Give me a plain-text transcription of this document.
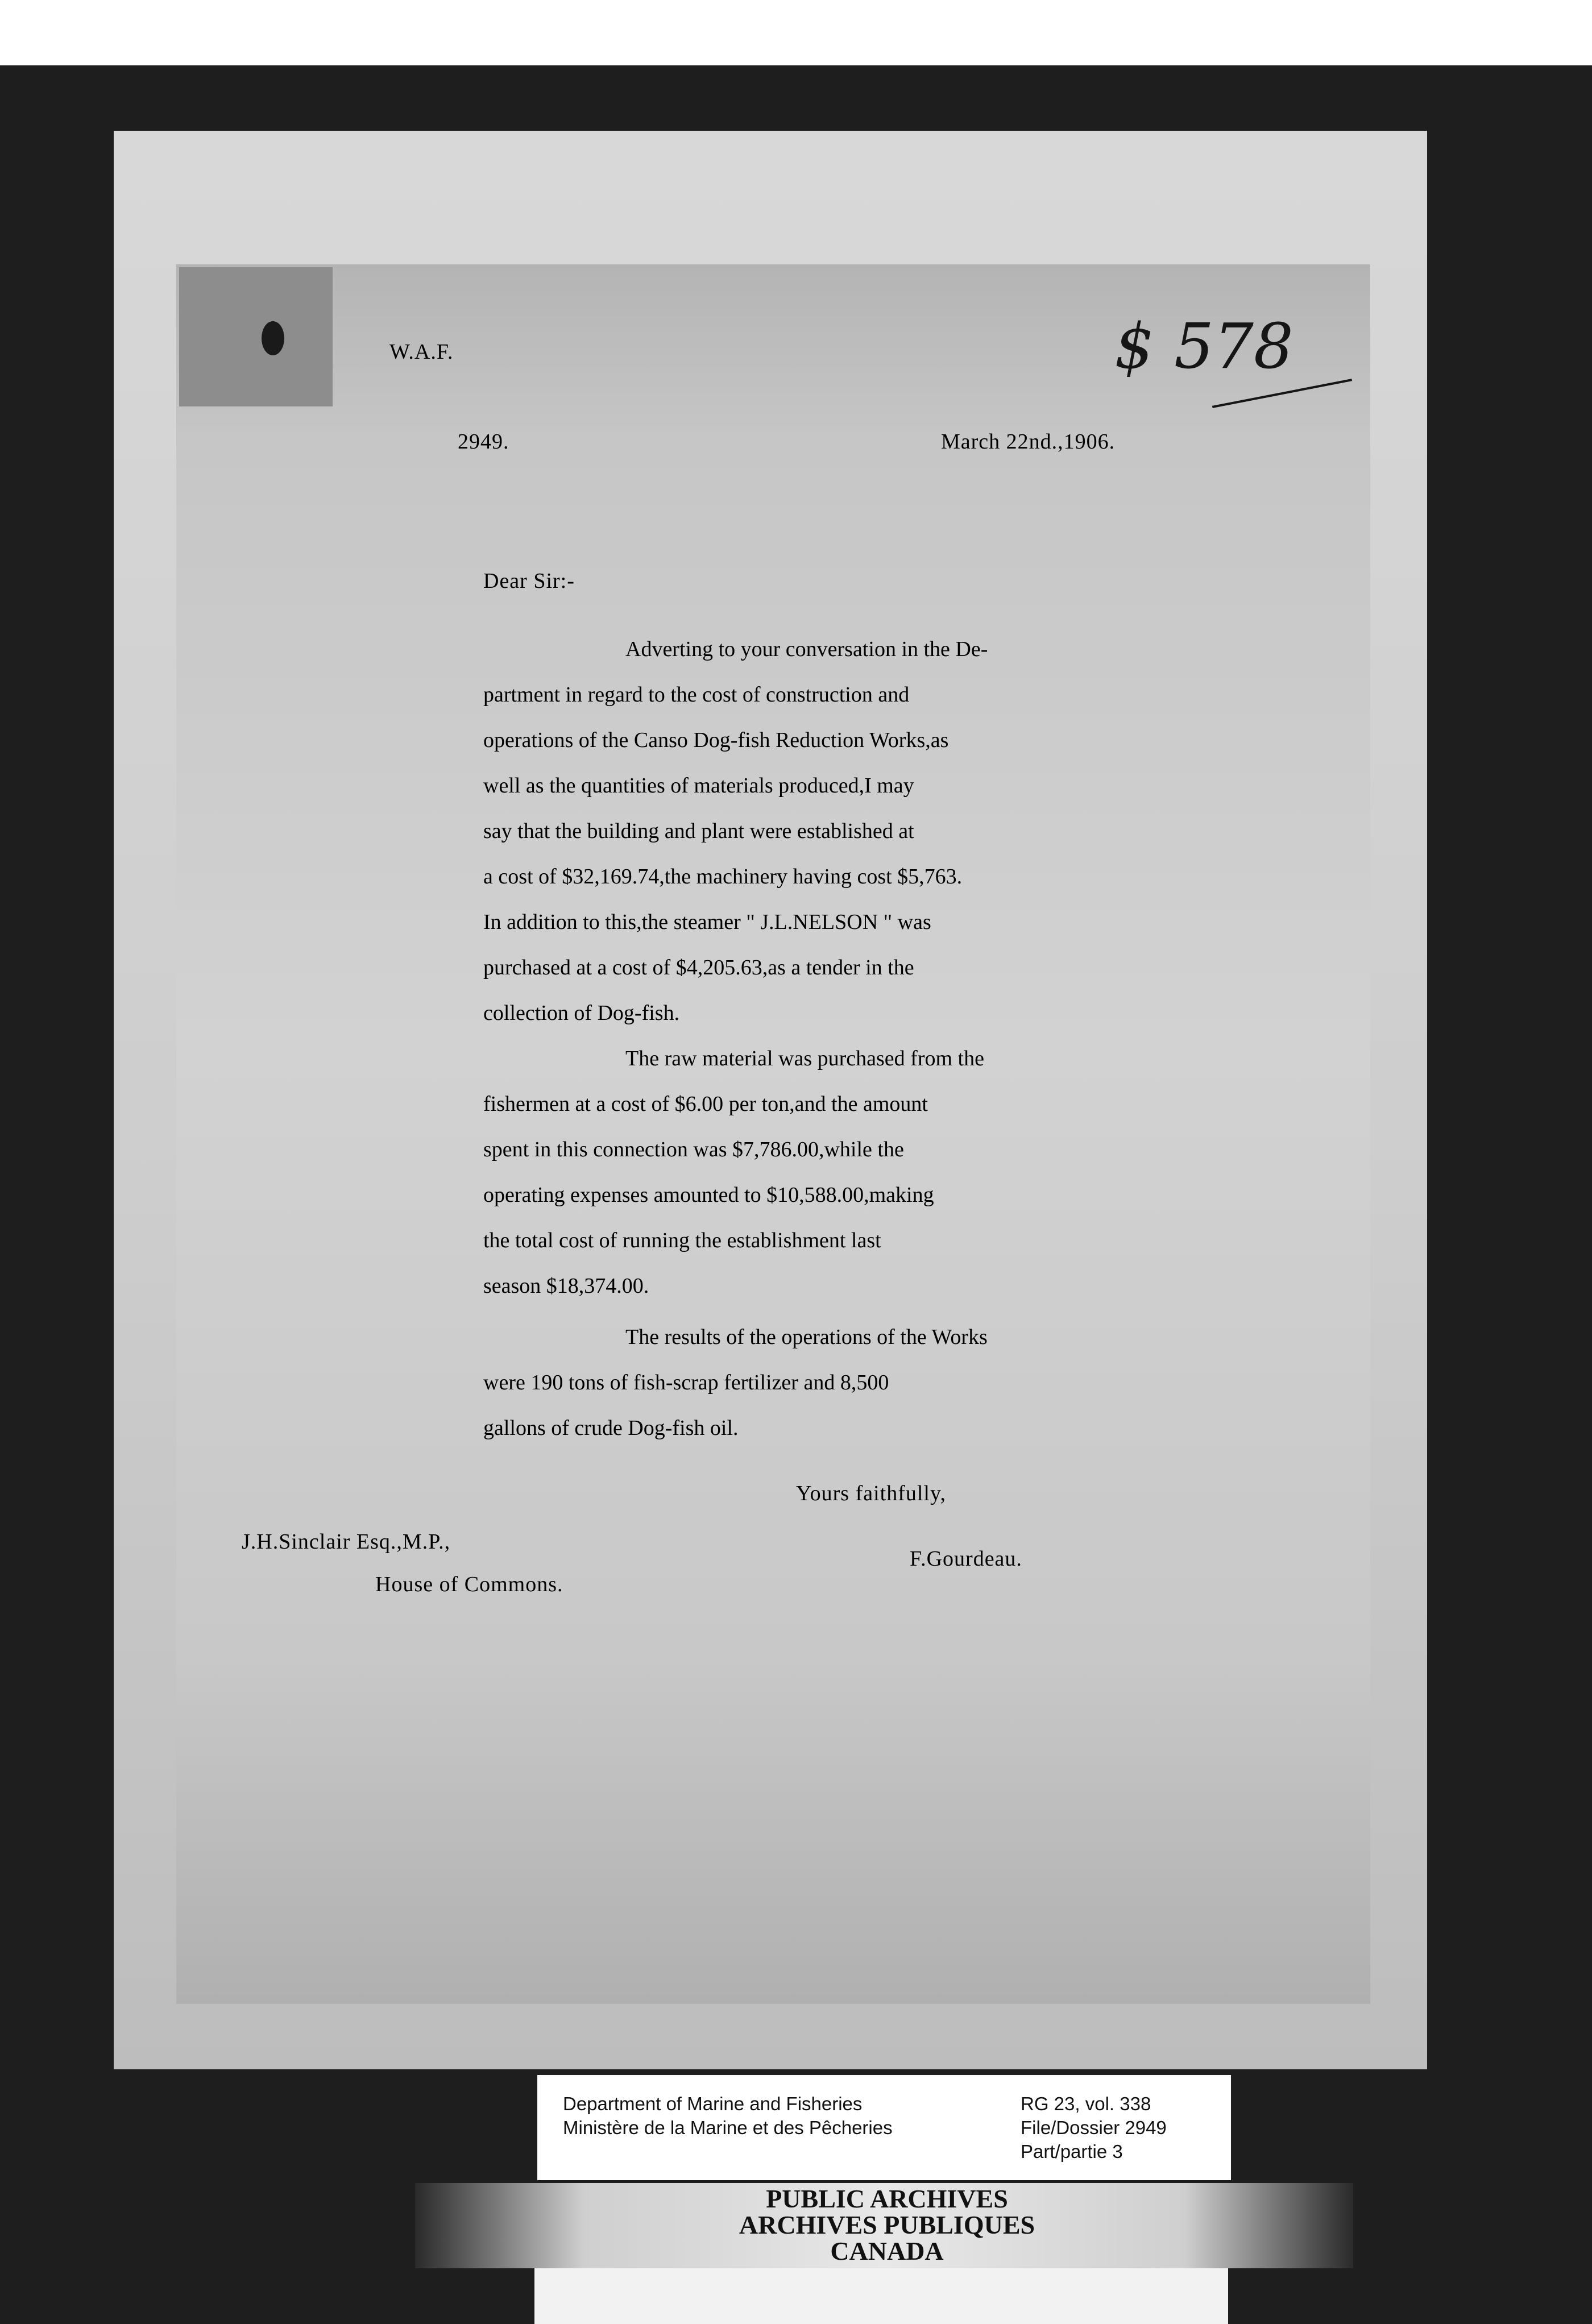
W.A.F.	$ 578
2949.	March 22nd.,1906.
Dear Sir:-
Adverting to your conversation in the De-
partment in regard to the cost of construction and
operations of the Canso Dog-fish Reduction Works,as
well as the quantities of materials produced,I may
say that the building and plant were established at
a cost of $32,169.74,the machinery having cost $5,763.
In addition to this,the steamer " J.L.NELSON " was
purchased at a cost of $4,205.63,as a tender in the
collection of Dog-fish.
The raw material was purchased from the
fishermen at a cost of $6.00 per ton,and the amount
spent in this connection was $7,786.00,while the
operating expenses amounted to $10,588.00,making
the total cost of running the establishment last
season $18,374.00.
The results of the operations of the Works
were 190 tons of fish-scrap fertilizer and 8,500
gallons of crude Dog-fish oil.
Yours faithfully,
J.H.Sinclair Esq.,M.P.,
F.Gourdeau.
House of Commons.
Department of Marine and Fisheries
Ministère de la Marine et des Pêcheries
RG 23, vol. 338
File/Dossier 2949
Part/partie 3
PUBLIC ARCHIVES
ARCHIVES PUBLIQUES
CANADA
